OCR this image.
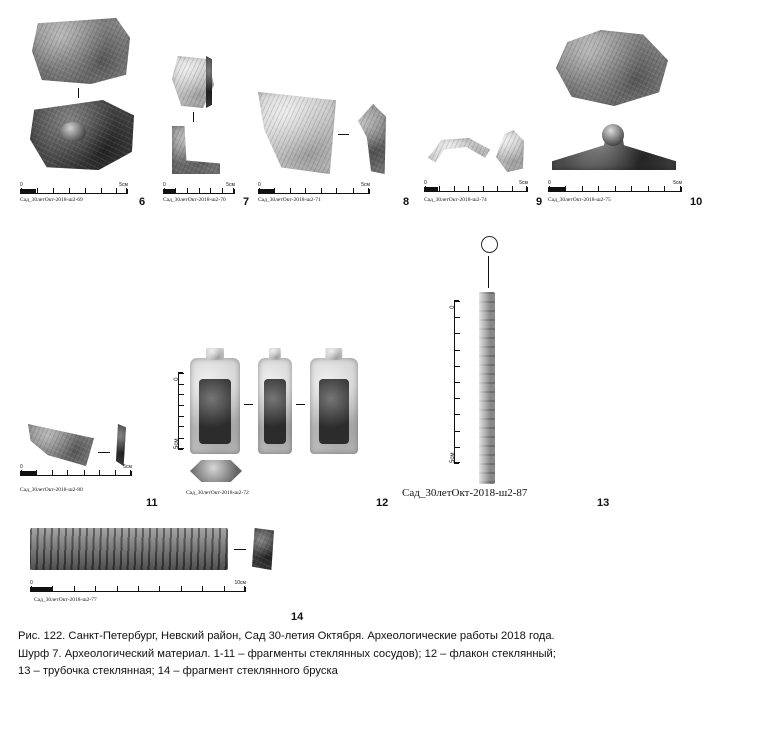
0	5см
Сад_30летОкт-2018-ш2-69	6
0	5см
Сад_30летОкт-2018-ш2-70 7
0	5см
Сад_30летОкт-2018-ш2-71	8
0	5см
Сад_30летОкт-2018-ш2-74	9
0	5см
Сад_30летОкт-2018-ш2-75	10
0	5см
Сад_30летОкт-2018-ш2-80
11
0
5см
Сад_30летОкт-2018-ш2-72
12
0
5см
Сад_30летОкт-2018-ш2-87
13
0	10см
Сад_30летОкт-2018-ш2-77
14
Рис. 122. Санкт-Петербург, Невский район, Сад 30-летия Октября. Археологические работы 2018 года.
Шурф 7. Археологический материал. 1-11 – фрагменты стеклянных сосудов); 12 – флакон стеклянный;
13 – трубочка стеклянная; 14 – фрагмент стеклянного бруска
